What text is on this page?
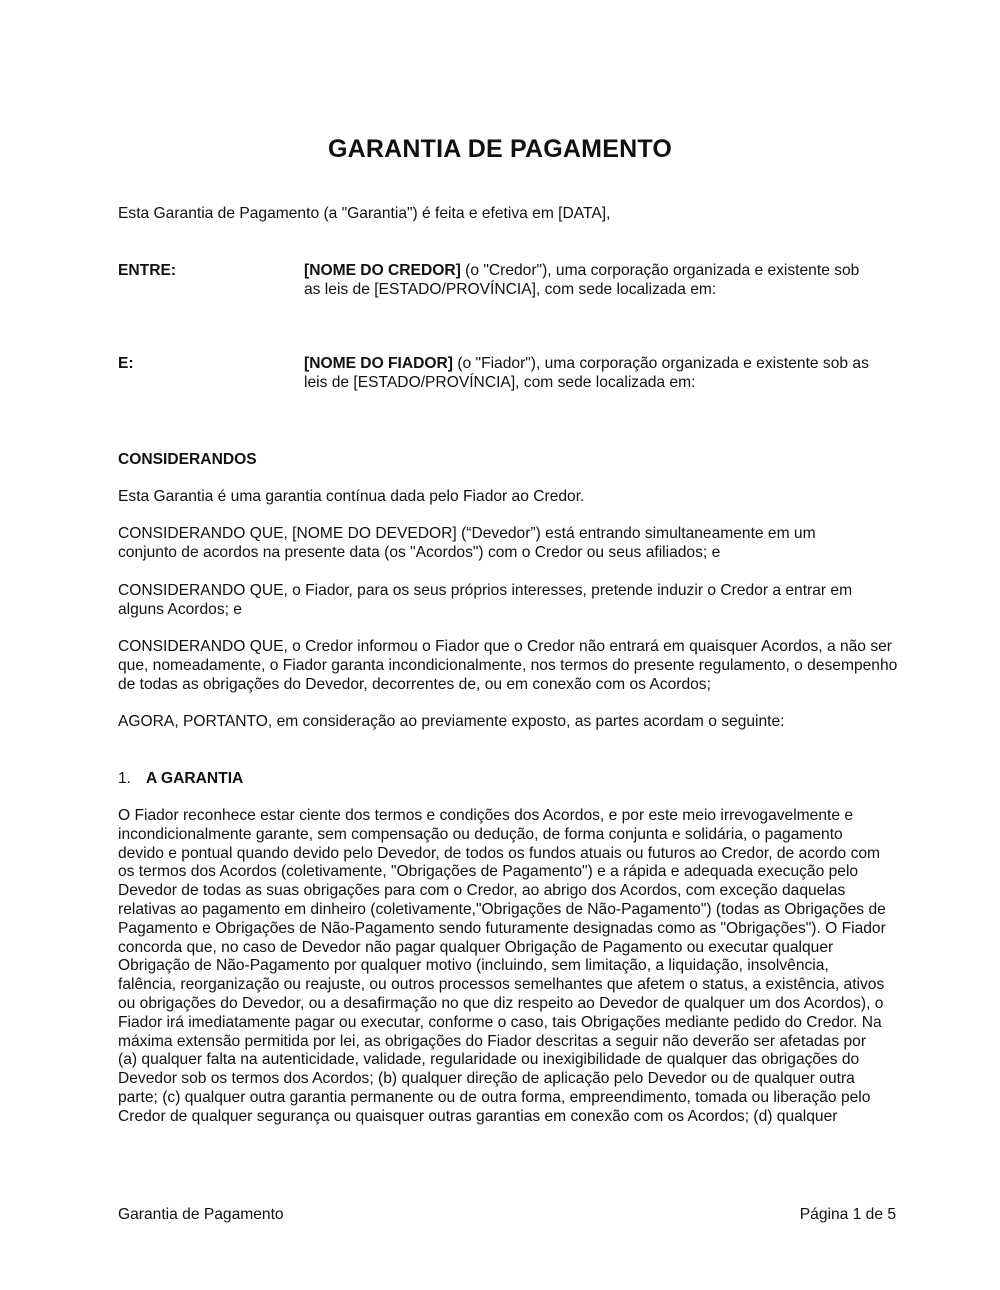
GARANTIA DE PAGAMENTO

Esta Garantia de Pagamento (a "Garantia") é feita e efetiva em [DATA],

ENTRE:	[NOME DO CREDOR] (o "Credor"), uma corporação organizada e existente sob as leis de [ESTADO/PROVÍNCIA], com sede localizada em:

E:	[NOME DO FIADOR] (o "Fiador"), uma corporação organizada e existente sob as leis de [ESTADO/PROVÍNCIA], com sede localizada em:

CONSIDERANDOS

Esta Garantia é uma garantia contínua dada pelo Fiador ao Credor.

CONSIDERANDO QUE, [NOME DO DEVEDOR] (“Devedor”) está entrando simultaneamente em um conjunto de acordos na presente data (os "Acordos") com o Credor ou seus afiliados; e

CONSIDERANDO QUE, o Fiador, para os seus próprios interesses, pretende induzir o Credor a entrar em alguns Acordos; e

CONSIDERANDO QUE, o Credor informou o Fiador que o Credor não entrará em quaisquer Acordos, a não ser que, nomeadamente, o Fiador garanta incondicionalmente, nos termos do presente regulamento, o desempenho de todas as obrigações do Devedor, decorrentes de, ou em conexão com os Acordos;

AGORA, PORTANTO, em consideração ao previamente exposto, as partes acordam o seguinte:

1. A GARANTIA

O Fiador reconhece estar ciente dos termos e condições dos Acordos, e por este meio irrevogavelmente e incondicionalmente garante, sem compensação ou dedução, de forma conjunta e solidária, o pagamento devido e pontual quando devido pelo Devedor, de todos os fundos atuais ou futuros ao Credor, de acordo com os termos dos Acordos (coletivamente, "Obrigações de Pagamento") e a rápida e adequada execução pelo Devedor de todas as suas obrigações para com o Credor, ao abrigo dos Acordos, com exceção daquelas relativas ao pagamento em dinheiro (coletivamente,"Obrigações de Não-Pagamento") (todas as Obrigações de Pagamento e Obrigações de Não-Pagamento sendo futuramente designadas como as "Obrigações"). O Fiador concorda que, no caso de Devedor não pagar qualquer Obrigação de Pagamento ou executar qualquer Obrigação de Não-Pagamento por qualquer motivo (incluindo, sem limitação, a liquidação, insolvência, falência, reorganização ou reajuste, ou outros processos semelhantes que afetem o status, a existência, ativos ou obrigações do Devedor, ou a desafirmação no que diz respeito ao Devedor de qualquer um dos Acordos), o Fiador irá imediatamente pagar ou executar, conforme o caso, tais Obrigações mediante pedido do Credor. Na máxima extensão permitida por lei, as obrigações do Fiador descritas a seguir não deverão ser afetadas por (a) qualquer falta na autenticidade, validade, regularidade ou inexigibilidade de qualquer das obrigações do Devedor sob os termos dos Acordos; (b) qualquer direção de aplicação pelo Devedor ou de qualquer outra parte; (c) qualquer outra garantia permanente ou de outra forma, empreendimento, tomada ou liberação pelo Credor de qualquer segurança ou quaisquer outras garantias em conexão com os Acordos; (d) qualquer

Garantia de Pagamento	Página 1 de 5
